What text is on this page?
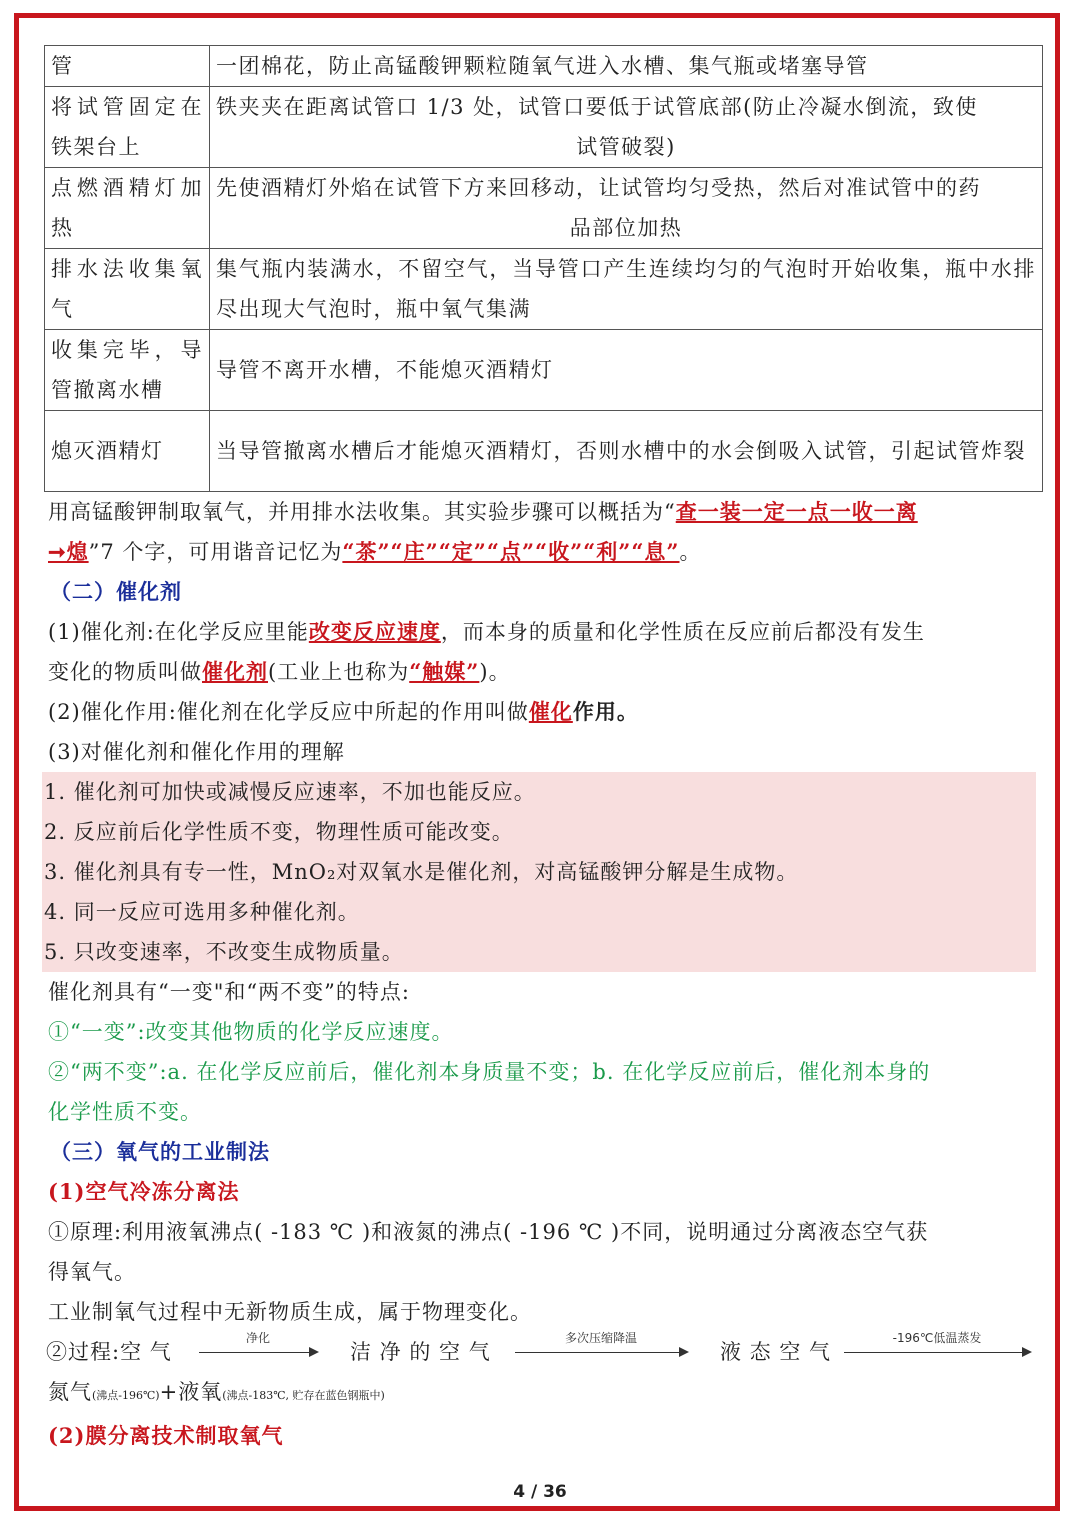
管	一团棉花，防止高锰酸钾颗粒随氧气进入水槽、集气瓶或堵塞导管
将试管固定在铁架台上	铁夹夹在距离试管口 1/3 处，试管口要低于试管底部(防止冷凝水倒流，致使
试管破裂)

点燃酒精灯加热	先使酒精灯外焰在试管下方来回移动，让试管均匀受热，然后对准试管中的药
品部位加热

排水法收集氧气	集气瓶内装满水，不留空气，当导管口产生连续均匀的气泡时开始收集，瓶中水排尽出现大气泡时，瓶中氧气集满
收集完毕，导管撤离水槽	导管不离开水槽，不能熄灭酒精灯
熄灭酒精灯	当导管撤离水槽后才能熄灭酒精灯，否则水槽中的水会倒吸入试管，引起试管炸裂

用高锰酸钾制取氧气，并用排水法收集。其实验步骤可以概括为“查一装一定一点一收一离
➞熄”7 个字，可用谐音记忆为“茶”“庄”“定”“点”“收”“利”“息”。

（二）催化剂

(1)催化剂:在化学反应里能改变反应速度，而本身的质量和化学性质在反应前后都没有发生
变化的物质叫做催化剂(工业上也称为“触媒”)。

(2)催化作用:催化剂在化学反应中所起的作用叫做催化作用。

(3)对催化剂和催化作用的理解

1. 催化剂可加快或减慢反应速率，不加也能反应。

2. 反应前后化学性质不变，物理性质可能改变。

3. 催化剂具有专一性，MnO₂对双氧水是催化剂，对高锰酸钾分解是生成物。

4. 同一反应可选用多种催化剂。

5. 只改变速率，不改变生成物质量。

催化剂具有“一变"和“两不变”的特点:

①“一变”:改变其他物质的化学反应速度。

②“两不变”:a. 在化学反应前后，催化剂本身质量不变；b. 在化学反应前后，催化剂本身的
化学性质不变。

（三）氧气的工业制法

(1)空气冷冻分离法

①原理:利用液氧沸点( -183 ℃ )和液氮的沸点( -196 ℃ )不同，说明通过分离液态空气获
得氧气。

工业制氧气过程中无新物质生成，属于物理变化。

②过程:空 气
净化
洁 净 的 空 气
多次压缩降温
液 态 空 气
-196℃低温蒸发

氮气(沸点-196℃)+液氧(沸点-183℃, 贮存在蓝色钢瓶中)

(2)膜分离技术制取氧气

4 / 36
